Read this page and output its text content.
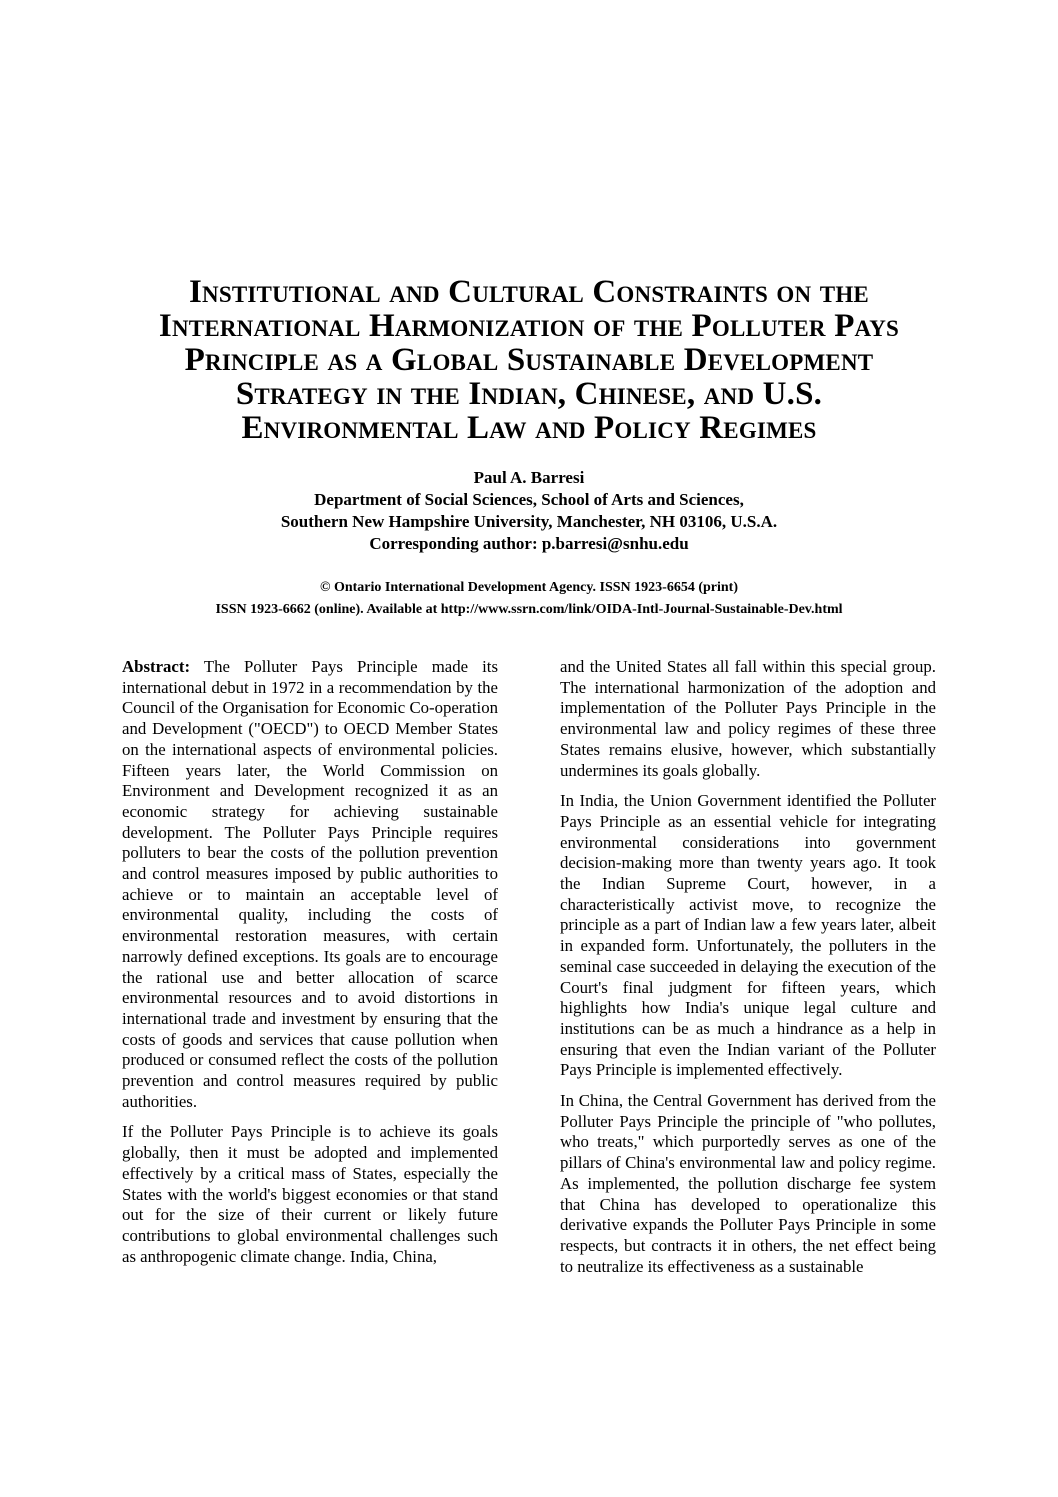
Institutional and Cultural Constraints on the
International Harmonization of the Polluter Pays
Principle as a Global Sustainable Development
Strategy in the Indian, Chinese, and U.S.
Environmental Law and Policy Regimes
Paul A. Barresi
Department of Social Sciences, School of Arts and Sciences,
Southern New Hampshire University, Manchester, NH 03106, U.S.A.
Corresponding author: p.barresi@snhu.edu
© Ontario International Development Agency. ISSN 1923-6654 (print)
ISSN 1923-6662 (online). Available at http://www.ssrn.com/link/OIDA-Intl-Journal-Sustainable-Dev.html

Abstract: The Polluter Pays Principle made its international debut in 1972 in a recommendation by the Council of the Organisation for Economic Co-operation and Development ("OECD") to OECD Member States on the international aspects of environmental policies. Fifteen years later, the World Commission on Environment and Development recognized it as an economic strategy for achieving sustainable development. The Polluter Pays Principle requires polluters to bear the costs of the pollution prevention and control measures imposed by public authorities to achieve or to maintain an acceptable level of environmental quality, including the costs of environmental restoration measures, with certain narrowly defined exceptions. Its goals are to encourage the rational use and better allocation of scarce environmental resources and to avoid distortions in international trade and investment by ensuring that the costs of goods and services that cause pollution when produced or consumed reflect the costs of the pollution prevention and control measures required by public authorities.

If the Polluter Pays Principle is to achieve its goals globally, then it must be adopted and implemented effectively by a critical mass of States, especially the States with the world's biggest economies or that stand out for the size of their current or likely future contributions to global environmental challenges such as anthropogenic climate change. India, China,

and the United States all fall within this special group. The international harmonization of the adoption and implementation of the Polluter Pays Principle in the environmental law and policy regimes of these three States remains elusive, however, which substantially undermines its goals globally.

In India, the Union Government identified the Polluter Pays Principle as an essential vehicle for integrating environmental considerations into government decision-making more than twenty years ago. It took the Indian Supreme Court, however, in a characteristically activist move, to recognize the principle as a part of Indian law a few years later, albeit in expanded form. Unfortunately, the polluters in the seminal case succeeded in delaying the execution of the Court's final judgment for fifteen years, which highlights how India's unique legal culture and institutions can be as much a hindrance as a help in ensuring that even the Indian variant of the Polluter Pays Principle is implemented effectively.

In China, the Central Government has derived from the Polluter Pays Principle the principle of "who pollutes, who treats," which purportedly serves as one of the pillars of China's environmental law and policy regime. As implemented, the pollution discharge fee system that China has developed to operationalize this derivative expands the Polluter Pays Principle in some respects, but contracts it in others, the net effect being to neutralize its effectiveness as a sustainable
